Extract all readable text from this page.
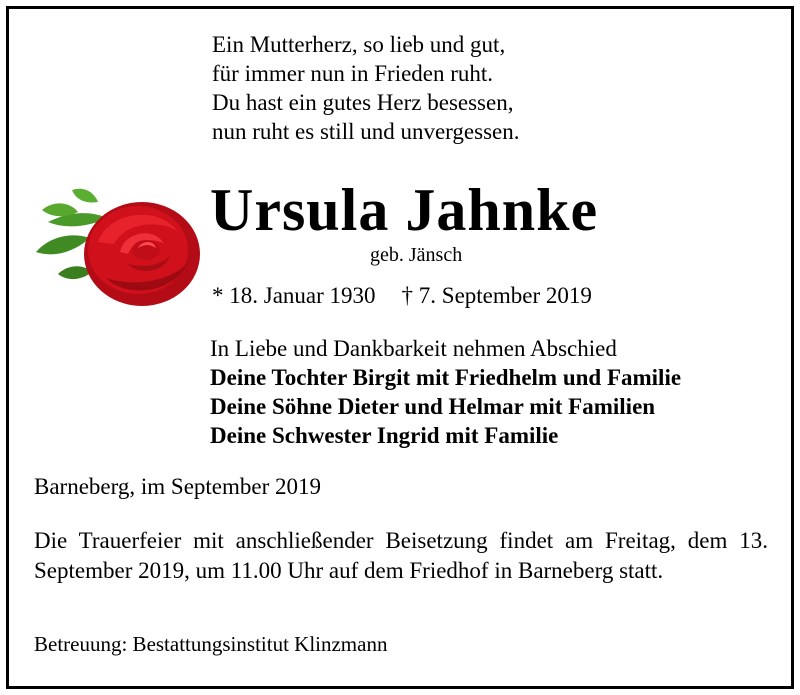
Ein Mutterherz, so lieb und gut,
für immer nun in Frieden ruht.
Du hast ein gutes Herz besessen,
nun ruht es still und unvergessen.
Ursula Jahnke
geb. Jänsch
* 18. Januar 1930 † 7. September 2019
In Liebe und Dankbarkeit nehmen Abschied
Deine Tochter Birgit mit Friedhelm und Familie
Deine Söhne Dieter und Helmar mit Familien
Deine Schwester Ingrid mit Familie
Barneberg, im September 2019
Die Trauerfeier mit anschließender Beisetzung findet am Freitag, dem 13. September 2019, um 11.00 Uhr auf dem Friedhof in Barneberg statt.
Betreuung: Bestattungsinstitut Klinzmann
